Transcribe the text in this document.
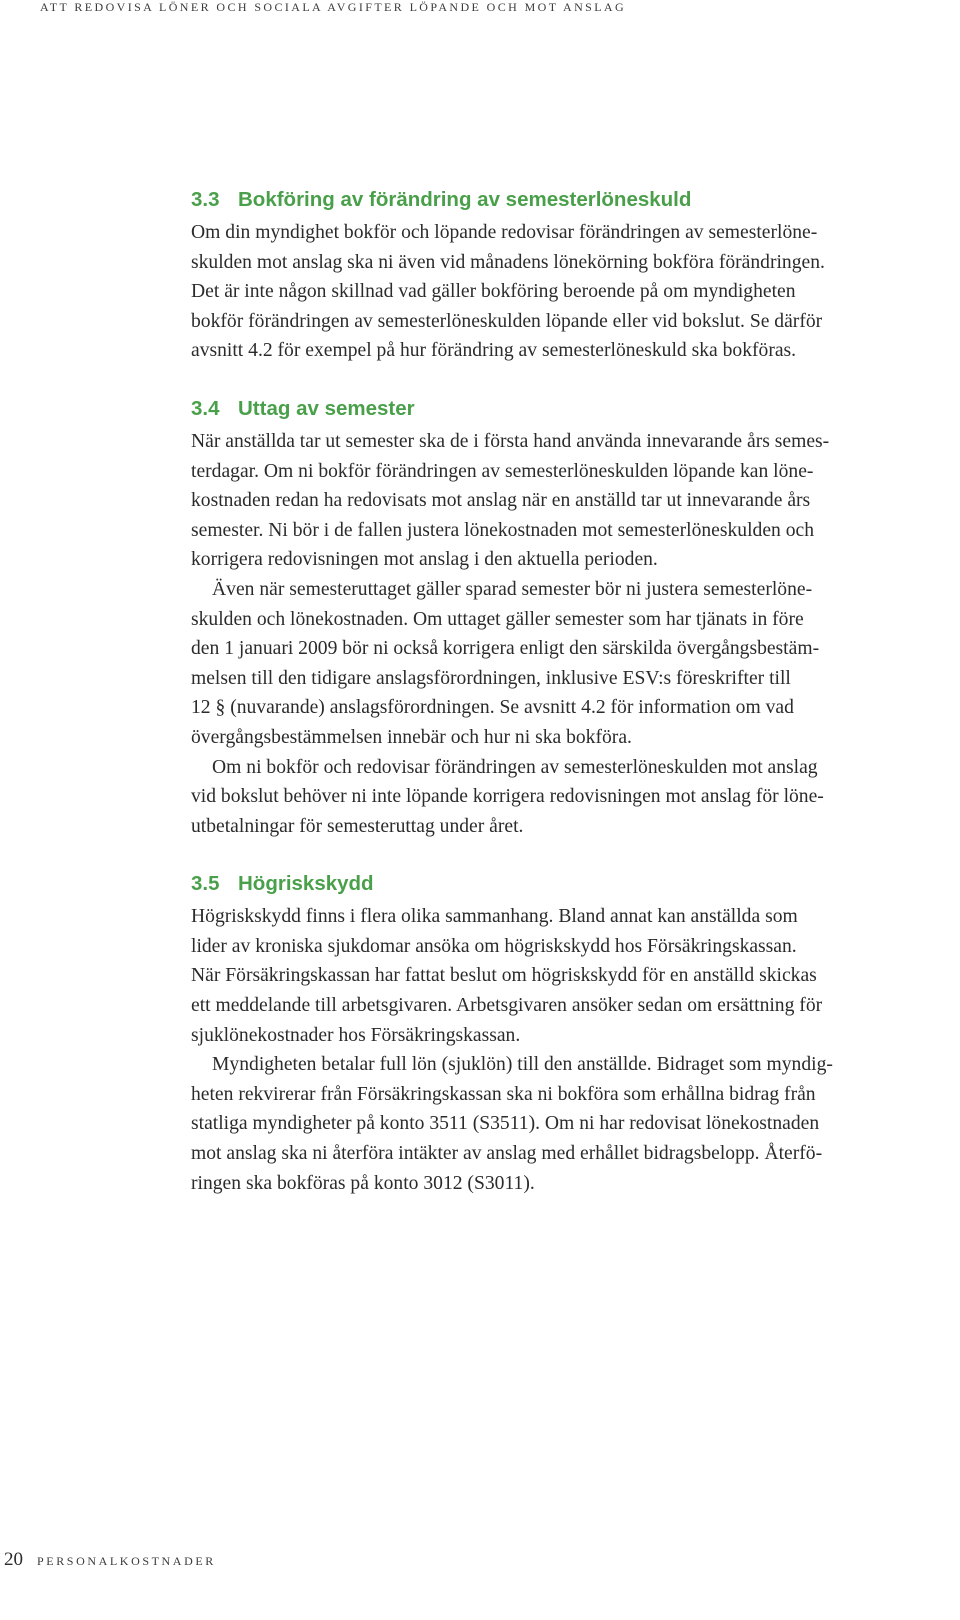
ATT REDOVISA LÖNER OCH SOCIALA AVGIFTER LÖPANDE OCH MOT ANSLAG
3.3 Bokföring av förändring av semesterlöneskuld

Om din myndighet bokför och löpande redovisar förändringen av semesterlöne-
skulden mot anslag ska ni även vid månadens lönekörning bokföra förändringen.
Det är inte någon skillnad vad gäller bokföring beroende på om myndigheten
bokför förändringen av semesterlöneskulden löpande eller vid bokslut. Se därför
avsnitt 4.2 för exempel på hur förändring av semesterlöneskuld ska bokföras.

3.4 Uttag av semester

När anställda tar ut semester ska de i första hand använda innevarande års semes-
terdagar. Om ni bokför förändringen av semesterlöneskulden löpande kan löne-
kostnaden redan ha redovisats mot anslag när en anställd tar ut innevarande års
semester. Ni bör i de fallen justera lönekostnaden mot semesterlöneskulden och
korrigera redovisningen mot anslag i den aktuella perioden.

Även när semesteruttaget gäller sparad semester bör ni justera semesterlöne-
skulden och lönekostnaden. Om uttaget gäller semester som har tjänats in före
den 1 januari 2009 bör ni också korrigera enligt den särskilda övergångsbestäm-
melsen till den tidigare anslagsförordningen, inklusive ESV:s föreskrifter till
12 § (nuvarande) anslagsförordningen. Se avsnitt 4.2 för information om vad
övergångsbestämmelsen innebär och hur ni ska bokföra.

Om ni bokför och redovisar förändringen av semesterlöneskulden mot anslag
vid bokslut behöver ni inte löpande korrigera redovisningen mot anslag för löne-
utbetalningar för semesteruttag under året.

3.5 Högriskskydd

Högriskskydd finns i flera olika sammanhang. Bland annat kan anställda som
lider av kroniska sjukdomar ansöka om högriskskydd hos Försäkringskassan.
När Försäkringskassan har fattat beslut om högriskskydd för en anställd skickas
ett meddelande till arbetsgivaren. Arbetsgivaren ansöker sedan om ersättning för
sjuklönekostnader hos Försäkringskassan.

Myndigheten betalar full lön (sjuklön) till den anställde. Bidraget som myndig-
heten rekvirerar från Försäkringskassan ska ni bokföra som erhållna bidrag från
statliga myndigheter på konto 3511 (S3511). Om ni har redovisat lönekostnaden
mot anslag ska ni återföra intäkter av anslag med erhållet bidragsbelopp. Återfö-
ringen ska bokföras på konto 3012 (S3011).

20 PERSONALKOSTNADER
